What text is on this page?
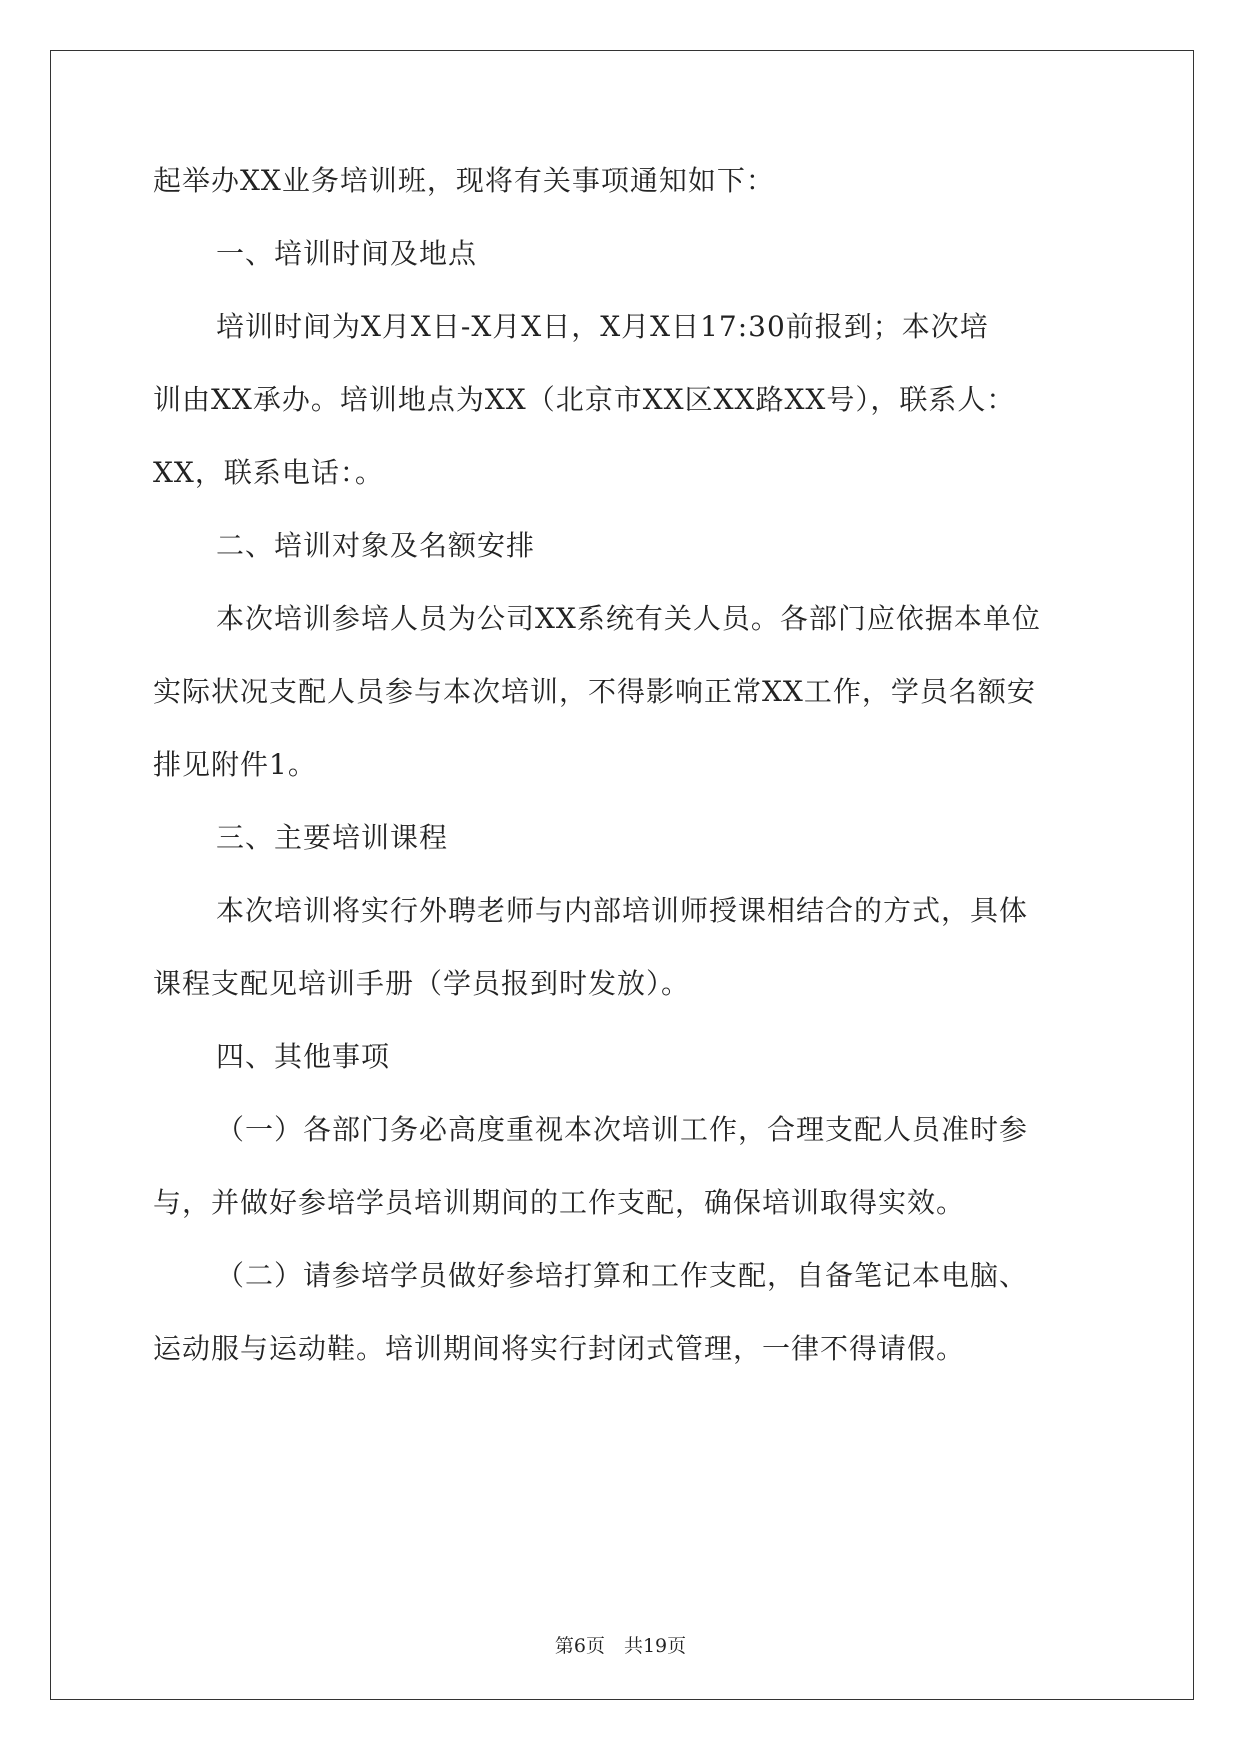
起举办XX业务培训班，现将有关事项通知如下：
一、培训时间及地点
培训时间为X月X日-X月X日，X月X日17:30前报到；本次培
训由XX承办。培训地点为XX（北京市XX区XX路XX号），联系人：
XX，联系电话：。
二、培训对象及名额安排
本次培训参培人员为公司XX系统有关人员。各部门应依据本单位
实际状况支配人员参与本次培训，不得影响正常XX工作，学员名额安
排见附件1。
三、主要培训课程
本次培训将实行外聘老师与内部培训师授课相结合的方式，具体
课程支配见培训手册（学员报到时发放）。
四、其他事项
（一）各部门务必高度重视本次培训工作，合理支配人员准时参
与，并做好参培学员培训期间的工作支配，确保培训取得实效。
（二）请参培学员做好参培打算和工作支配，自备笔记本电脑、
运动服与运动鞋。培训期间将实行封闭式管理，一律不得请假。
第6页　共19页
